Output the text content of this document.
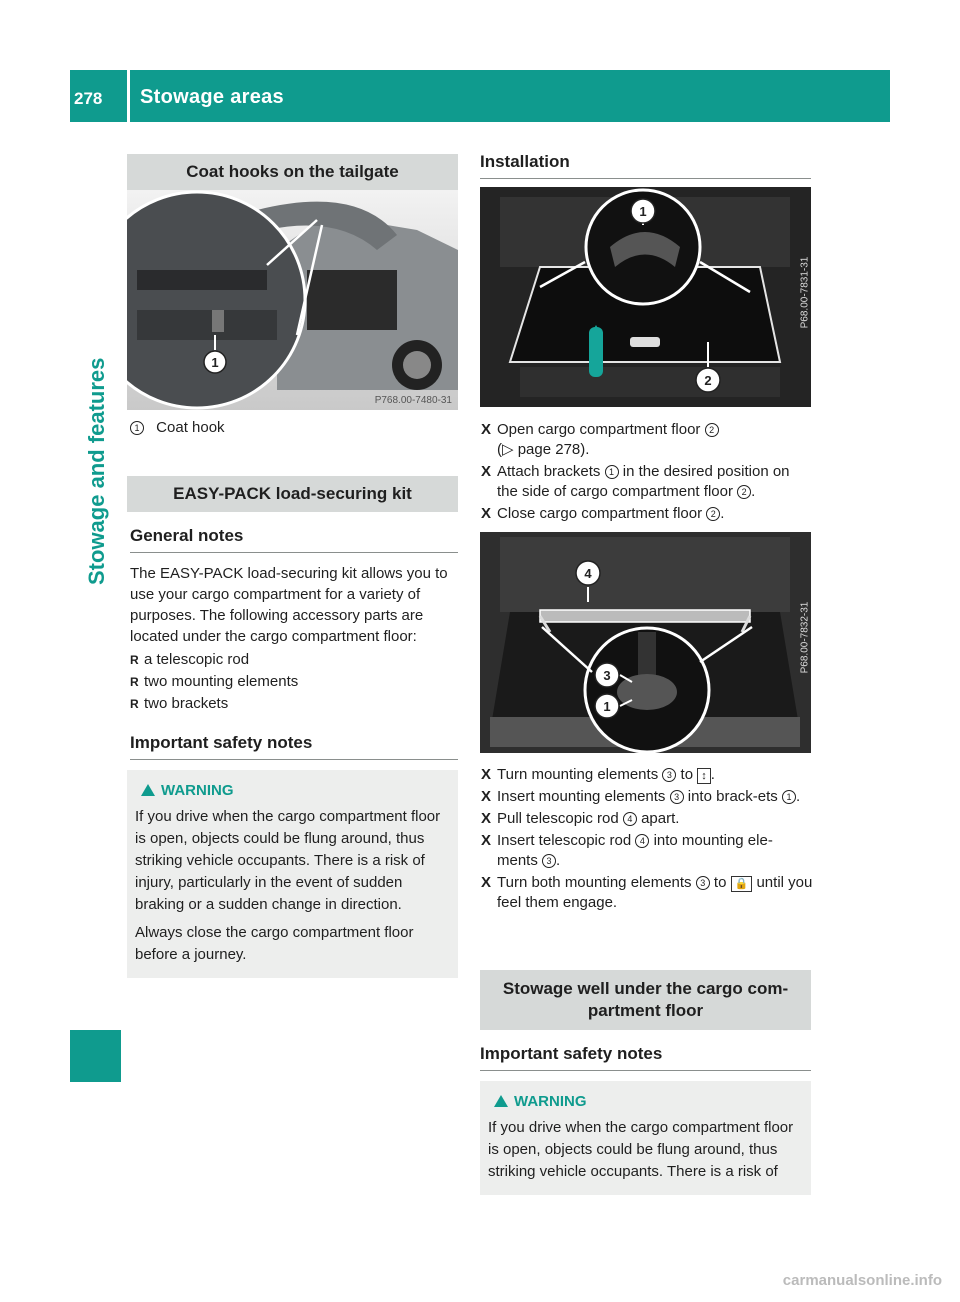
278 Stowage areas
Stowage and features
Coat hooks on the tailgate
1
P768.00-7480-31
1 Coat hook
EASY-PACK load-securing kit
General notes
The EASY-PACK load-securing kit allows you to use your cargo compartment for a variety of purposes. The following accessory parts are located under the cargo compartment floor:
R a telescopic rod
R two mounting elements
R two brackets
Important safety notes
WARNING
If you drive when the cargo compartment floor is open, objects could be flung around, thus striking vehicle occupants. There is a risk of injury, particularly in the event of sudden braking or a sudden change in direction.
Always close the cargo compartment floor before a journey.
Installation
1
2
P68.00-7831-31
X Open cargo compartment floor 2
(▷ page 278).
X Attach brackets 1 in the desired position on the side of cargo compartment floor 2 .
X Close cargo compartment floor 2 .
4
3
1
P68.00-7832-31
X Turn mounting elements 3 to ↕ .
X Insert mounting elements 3 into brack-ets 1 .
X Pull telescopic rod 4 apart.
X Insert telescopic rod 4 into mounting ele-ments 3 .
X Turn both mounting elements 3 to 🔒 until you feel them engage.
Stowage well under the cargo com-partment floor
Important safety notes
WARNING
If you drive when the cargo compartment floor is open, objects could be flung around, thus striking vehicle occupants. There is a risk of
carmanualsonline.info
